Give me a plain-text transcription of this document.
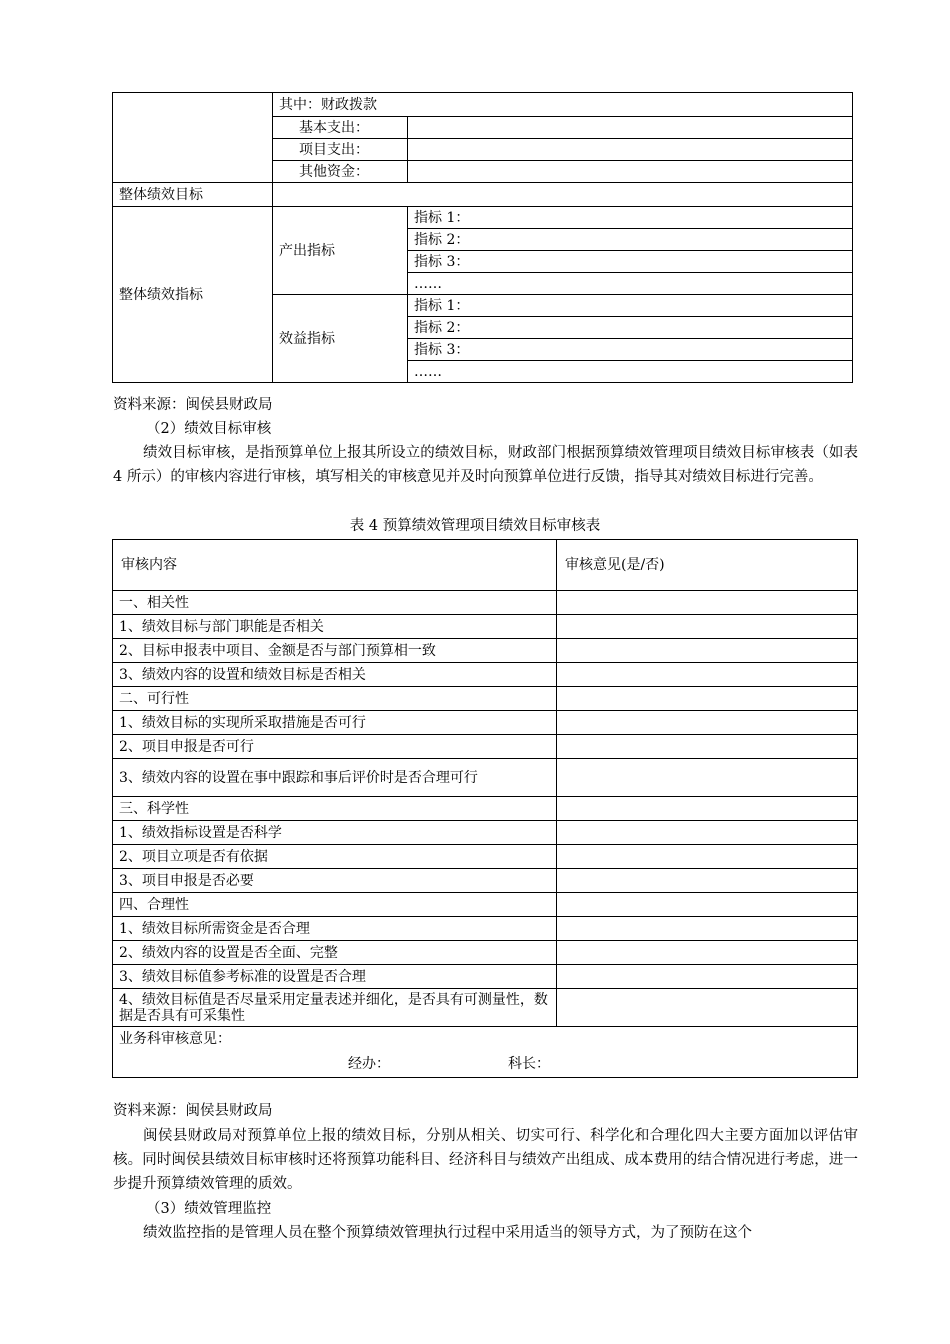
	其中：财政拨款	
	基本支出：	
	项目支出：	
	其他资金：	
整体绩效目标		
整体绩效指标	产出指标	指标 1：
		指标 2：
		指标 3：
		……
	效益指标	指标 1：
		指标 2：
		指标 3：
		……
资料来源：闽侯县财政局
（2）绩效目标审核
绩效目标审核，是指预算单位上报其所设立的绩效目标，财政部门根据预算绩效管理项目绩效目标审核表（如表 4 所示）的审核内容进行审核，填写相关的审核意见并及时向预算单位进行反馈，指导其对绩效目标进行完善。
表 4 预算绩效管理项目绩效目标审核表
审核内容	审核意见(是/否)
一、相关性	
1、绩效目标与部门职能是否相关	
2、目标申报表中项目、金额是否与部门预算相一致	
3、绩效内容的设置和绩效目标是否相关	
二、可行性	
1、绩效目标的实现所采取措施是否可行	
2、项目申报是否可行	
3、绩效内容的设置在事中跟踪和事后评价时是否合理可行	
三、科学性	
1、绩效指标设置是否科学	
2、项目立项是否有依据	
3、项目申报是否必要	
四、合理性	
1、绩效目标所需资金是否合理	
2、绩效内容的设置是否全面、完整	
3、绩效目标值参考标准的设置是否合理	
4、绩效目标值是否尽量采用定量表述并细化，是否具有可测量性，数据是否具有可采集性	

业务科审核意见：
经办： 科长：	
资料来源：闽侯县财政局
闽侯县财政局对预算单位上报的绩效目标，分别从相关、切实可行、科学化和合理化四大主要方面加以评估审核。同时闽侯县绩效目标审核时还将预算功能科目、经济科目与绩效产出组成、成本费用的结合情况进行考虑，进一步提升预算绩效管理的质效。
（3）绩效管理监控
绩效监控指的是管理人员在整个预算绩效管理执行过程中采用适当的领导方式，为了预防在这个
